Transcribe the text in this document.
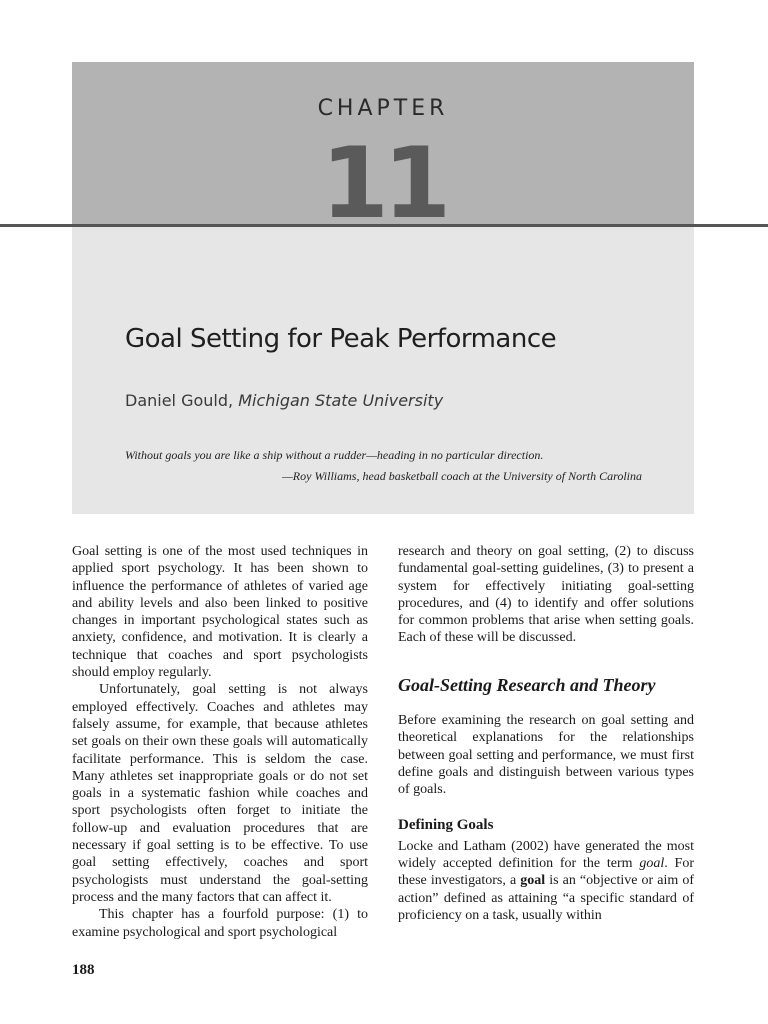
CHAPTER
11
Goal Setting for Peak Performance
Daniel Gould, Michigan State University
Without goals you are like a ship without a rudder—heading in no particular direction.
—Roy Williams, head basketball coach at the University of North Carolina

Goal setting is one of the most used techniques in applied sport psychology. It has been shown to influence the performance of athletes of varied age and ability levels and also been linked to positive changes in important psychological states such as anxiety, confidence, and motivation. It is clearly a technique that coaches and sport psychologists should employ regularly.

Unfortunately, goal setting is not always employed effectively. Coaches and athletes may falsely assume, for example, that because athletes set goals on their own these goals will automatically facilitate performance. This is seldom the case. Many athletes set inappropriate goals or do not set goals in a systematic fashion while coaches and sport psychologists often forget to initiate the follow-up and evaluation procedures that are necessary if goal setting is to be effective. To use goal setting effectively, coaches and sport psychologists must understand the goal-setting process and the many factors that can affect it.

This chapter has a fourfold purpose: (1) to examine psychological and sport psychological

research and theory on goal setting, (2) to discuss fundamental goal-setting guidelines, (3) to present a system for effectively initiating goal-setting procedures, and (4) to identify and offer solutions for common problems that arise when setting goals. Each of these will be discussed.

Goal-Setting Research and Theory

Before examining the research on goal setting and theoretical explanations for the relationships between goal setting and performance, we must first define goals and distinguish between various types of goals.

Defining Goals

Locke and Latham (2002) have generated the most widely accepted definition for the term goal. For these investigators, a goal is an “objective or aim of action” defined as attaining “a specific standard of proficiency on a task, usually within

188
